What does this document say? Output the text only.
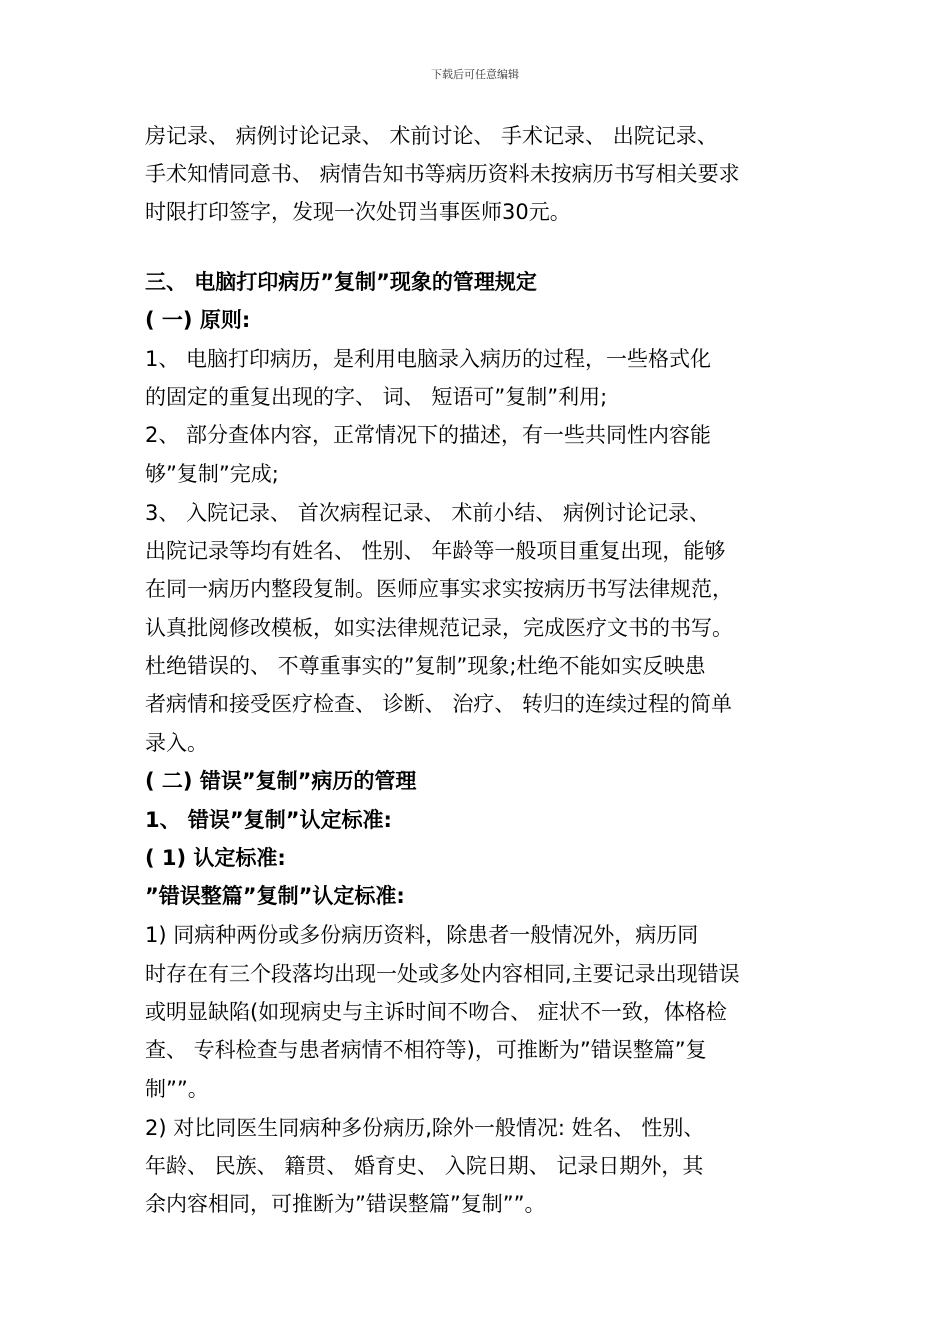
下载后可任意编辑
房记录、 病例讨论记录、 术前讨论、 手术记录、 出院记录、
手术知情同意书、 病情告知书等病历资料未按病历书写相关要求
时限打印签字，发现一次处罚当事医师30元。
三、 电脑打印病历”复制”现象的管理规定
( 一) 原则:
1、 电脑打印病历，是利用电脑录入病历的过程，一些格式化
的固定的重复出现的字、 词、 短语可”复制”利用;
2、 部分查体内容，正常情况下的描述，有一些共同性内容能
够”复制”完成;
3、 入院记录、 首次病程记录、 术前小结、 病例讨论记录、
出院记录等均有姓名、 性别、 年龄等一般项目重复出现，能够
在同一病历内整段复制。医师应事实求实按病历书写法律规范，
认真批阅修改模板，如实法律规范记录，完成医疗文书的书写。
杜绝错误的、 不尊重事实的”复制”现象;杜绝不能如实反映患
者病情和接受医疗检查、 诊断、 治疗、 转归的连续过程的简单
录入。
( 二) 错误”复制”病历的管理
1、 错误”复制”认定标准:
( 1) 认定标准:
”错误整篇”复制”认定标准:
1) 同病种两份或多份病历资料，除患者一般情况外，病历同
时存在有三个段落均出现一处或多处内容相同,主要记录出现错误
或明显缺陷(如现病史与主诉时间不吻合、 症状不一致，体格检
查、 专科检查与患者病情不相符等)，可推断为”错误整篇”复
制””。
2) 对比同医生同病种多份病历,除外一般情况: 姓名、 性别、
年龄、 民族、 籍贯、 婚育史、 入院日期、 记录日期外，其
余内容相同，可推断为”错误整篇”复制””。
